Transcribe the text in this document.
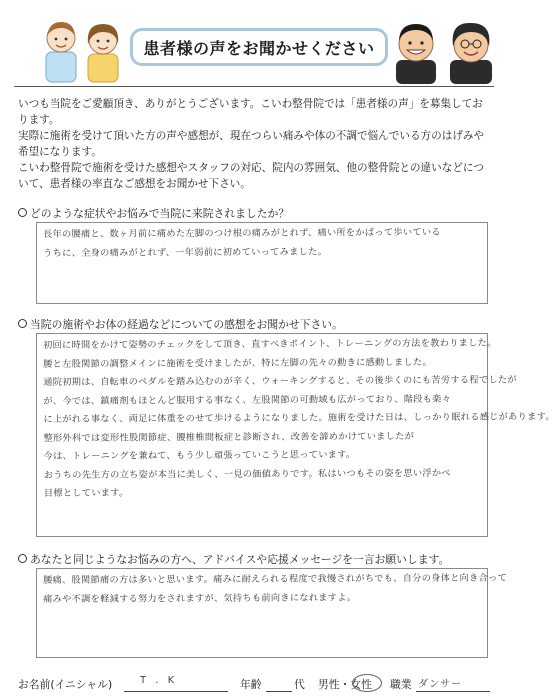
患者様の声をお聞かせください

いつも当院をご愛顧頂き、ありがとうございます。こいわ整骨院では「患者様の声」を募集してお

ります。

実際に施術を受けて頂いた方の声や感想が、現在つらい痛みや体の不調で悩んでいる方のはげみや

希望になります。

こいわ整骨院で施術を受けた感想やスタッフの対応、院内の雰囲気、他の整骨院との違いなどにつ

いて、患者様の率直なご感想をお聞かせ下さい。

どのような症状やお悩みで当院に来院されましたか？

長年の腰痛と、数ヶ月前に痛めた左脚のつけ根の痛みがとれず、痛い所をかばって歩いている

うちに、全身の痛みがとれず、一年弱前に初めていってみました。

当院の施術やお体の経過などについての感想をお聞かせ下さい。

初回に時間をかけて姿勢のチェックをして頂き、直すべきポイント、トレーニングの方法を教わりました。

腰と左股関節の調整メインに施術を受けましたが、特に左脚の先々の動きに感動しました。

通院初期は、自転車のペダルを踏み込むのが辛く、ウォーキングすると、その後歩くのにも苦労する程でしたが

が、今では、鎮痛剤もほとんど服用する事なく、左股関節の可動域も広がっており、階段も楽々

に上がれる事なく、両足に体重をのせて歩けるようになりました。施術を受けた日は、しっかり眠れる感じがあります。

整形外科では変形性股関節症、腰椎椎間板症と診断され、改善を諦めかけていましたが

今は、トレーニングを兼ねて、もう少し頑張っていこうと思っています。

おうちの先生方の立ち姿が本当に美しく、一見の価値ありです。私はいつもその姿を思い浮かべ

目標としています。

あなたと同じようなお悩みの方へ、アドバイスや応援メッセージを一言お願いします。

腰痛、股関節痛の方は多いと思います。痛みに耐えられる程度で我慢されがちでも、自分の身体と向き合って

痛みや不調を軽減する努力をされますが、気持ちも前向きになれますよ。

お名前(イニシャル)	T . K	年齢	代 男性・女性 職業 ダンサー
